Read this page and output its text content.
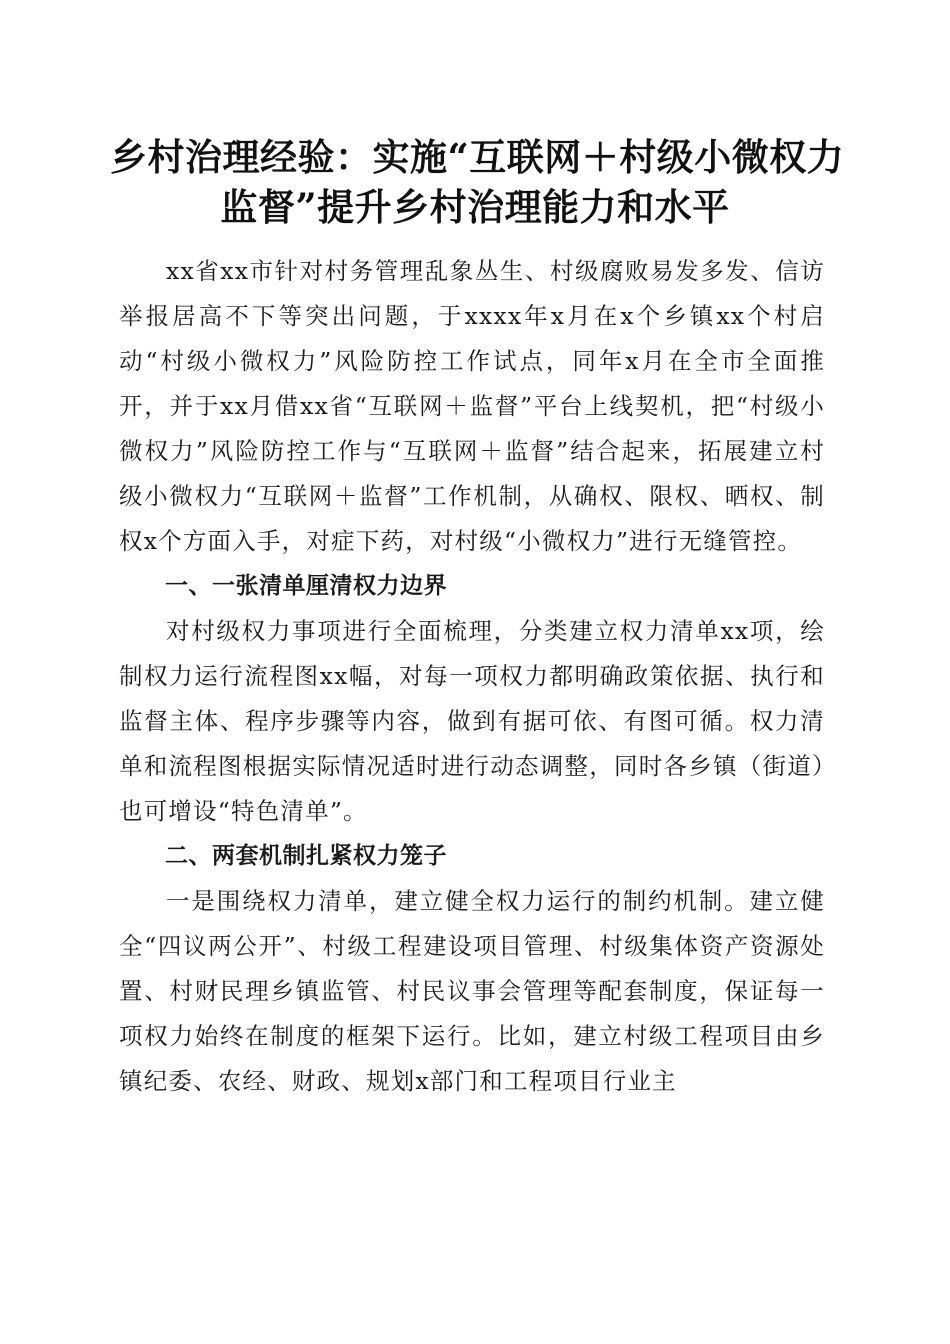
乡村治理经验：实施“互联网＋村级小微权力
监督”提升乡村治理能力和水平

xx省xx市针对村务管理乱象丛生、村级腐败易发多发、信访举报居高不下等突出问题，于xxxx年x月在x个乡镇xx个村启动“村级小微权力”风险防控工作试点，同年x月在全市全面推开，并于xx月借xx省“互联网＋监督”平台上线契机，把“村级小微权力”风险防控工作与“互联网＋监督”结合起来，拓展建立村级小微权力“互联网＋监督”工作机制，从确权、限权、晒权、制权x个方面入手，对症下药，对村级“小微权力”进行无缝管控。

一、一张清单厘清权力边界

对村级权力事项进行全面梳理，分类建立权力清单xx项，绘制权力运行流程图xx幅，对每一项权力都明确政策依据、执行和监督主体、程序步骤等内容，做到有据可依、有图可循。权力清单和流程图根据实际情况适时进行动态调整，同时各乡镇（街道）也可增设“特色清单”。

二、两套机制扎紧权力笼子

一是围绕权力清单，建立健全权力运行的制约机制。建立健全“四议两公开”、村级工程建设项目管理、村级集体资产资源处置、村财民理乡镇监管、村民议事会管理等配套制度，保证每一项权力始终在制度的框架下运行。比如，建立村级工程项目由乡镇纪委、农经、财政、规划x部门和工程项目行业主
